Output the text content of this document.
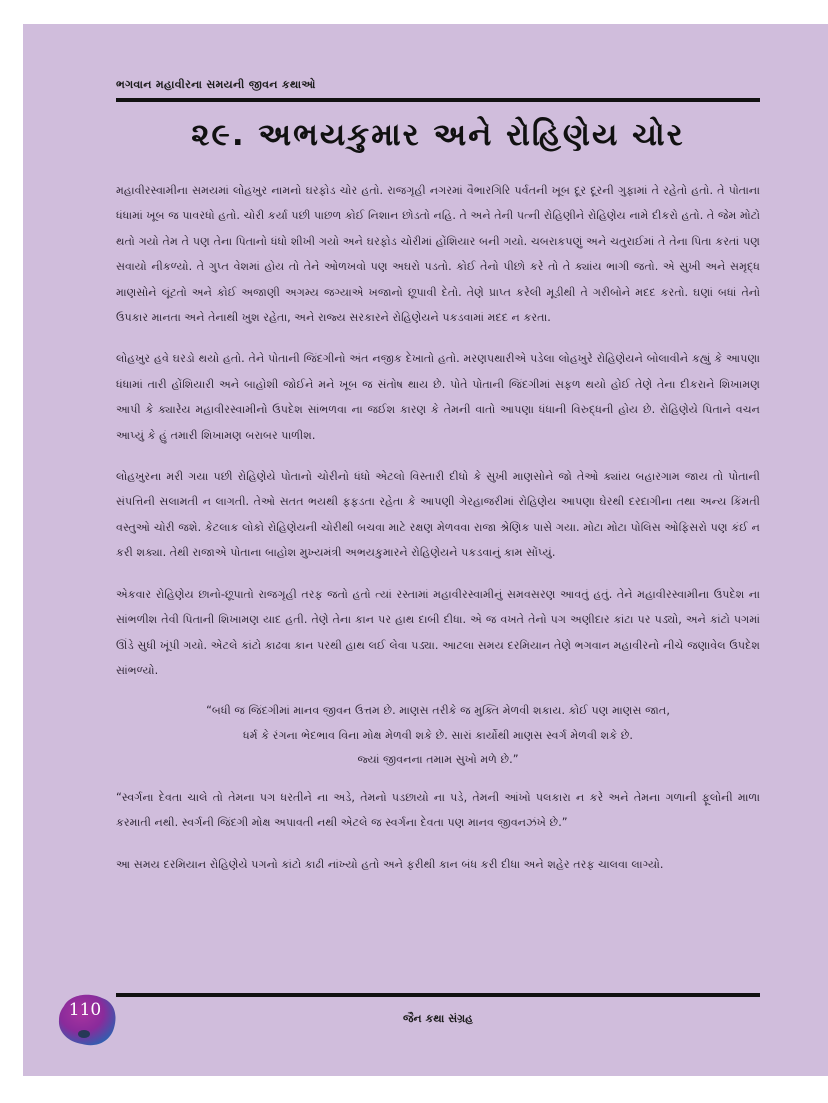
ભગવાન મહાવીરના સમયની જીવન કથાઓ
૨૯. અભયકુમાર અને રોહિણેય ચોર

મહાવીરસ્વામીના સમયમાં લોહખુર નામનો ઘરફોડ ચોર હતો. રાજગૃહી નગરમાં વૈભારગિરિ પર્વતની ખૂબ દૂર દૂરની ગુફામાં તે રહેતો હતો. તે પોતાના ધંધામાં ખૂબ જ પાવરધો હતો. ચોરી કર્યા પછી પાછળ કોઈ નિશાન છોડતો નહિ. તે અને તેની પત્ની રોહિણીને રોહિણેય નામે દીકરો હતો. તે જેમ મોટો થતો ગયો તેમ તે પણ તેના પિતાનો ધંધો શીખી ગયો અને ઘરફોડ ચોરીમાં હોંશિયાર બની ગયો. ચબરાકપણું અને ચતુરાઈમાં તે તેના પિતા કરતાં પણ સવાયો નીકળ્યો. તે ગુપ્ત વેશમાં હોય તો તેને ઓળખવો પણ અઘરો પડતો. કોઈ તેનો પીછો કરે તો તે ક્યાંય ભાગી જતો. એ સુખી અને સમૃદ્ધ માણસોને લૂંટતો અને કોઈ અજાણી અગમ્ય જગ્યાએ ખજાનો છૂપાવી દેતો. તેણે પ્રાપ્ત કરેલી મૂડીથી તે ગરીબોને મદદ કરતો. ઘણાં બધાં તેનો ઉપકાર માનતા અને તેનાથી ખુશ રહેતા, અને રાજ્ય સરકારને રોહિણેયને પકડવામાં મદદ ન કરતા.

લોહખુર હવે ઘરડો થયો હતો. તેને પોતાની જિંદગીનો અંત નજીક દેખાતો હતો. મરણપથારીએ પડેલા લોહખુરે રોહિણેયને બોલાવીને કહ્યું કે આપણા ધંધામાં તારી હોંશિયારી અને બાહોશી જોઈને મને ખૂબ જ સંતોષ થાય છે. પોતે પોતાની જિંદગીમાં સફળ થયો હોઈ તેણે તેના દીકરાને શિખામણ આપી કે ક્યારેય મહાવીરસ્વામીનો ઉપદેશ સાંભળવા ના જઈશ કારણ કે તેમની વાતો આપણા ધંધાની વિરુદ્ધની હોય છે. રોહિણેયે પિતાને વચન આપ્યું કે હું તમારી શિખામણ બરાબર પાળીશ.

લોહખુરના મરી ગયા પછી રોહિણેયે પોતાનો ચોરીનો ધંધો એટલો વિસ્તારી દીધો કે સુખી માણસોને જો તેઓ ક્યાંય બહારગામ જાય તો પોતાની સંપત્તિની સલામતી ન લાગતી. તેઓ સતત ભયથી ફફડતા રહેતા કે આપણી ગેરહાજરીમાં રોહિણેય આપણા ઘેરથી દરદાગીના તથા અન્ય કિંમતી વસ્તુઓ ચોરી જશે. કેટલાક લોકો રોહિણેયની ચોરીથી બચવા માટે રક્ષણ મેળવવા રાજા શ્રેણિક પાસે ગયા. મોટા મોટા પોલિસ ઓફિસરો પણ કંઈ ન કરી શક્યા. તેથી રાજાએ પોતાના બાહોશ મુખ્યમંત્રી અભયકુમારને રોહિણેયને પકડવાનું કામ સોંપ્યું.

એકવાર રોહિણેય છાનો-છૂપાતો રાજગૃહી તરફ જતો હતો ત્યાં રસ્તામાં મહાવીરસ્વામીનું સમવસરણ આવતું હતું. તેને મહાવીરસ્વામીના ઉપદેશ ના સાંભળીશ તેવી પિતાની શિખામણ યાદ હતી. તેણે તેના કાન પર હાથ દાબી દીધા. એ જ વખતે તેનો પગ અણીદાર કાંટા પર પડ્યો, અને કાંટો પગમાં ઊંડે સુધી ખૂંપી ગયો. એટલે કાંટો કાઢવા કાન પરથી હાથ લઈ લેવા પડ્યા. આટલા સમય દરમિયાન તેણે ભગવાન મહાવીરનો નીચે જણાવેલ ઉપદેશ સાંભળ્યો.

“બધી જ જિંદગીમાં માનવ જીવન ઉત્તમ છે. માણસ તરીકે જ મુક્તિ મેળવી શકાય. કોઈ પણ માણસ જાત,
ધર્મ કે રંગના ભેદભાવ વિના મોક્ષ મેળવી શકે છે. સારાં કાર્યોથી માણસ સ્વર્ગ મેળવી શકે છે.
જ્યાં જીવનના તમામ સુખો મળે છે.”

“સ્વર્ગના દેવતા ચાલે તો તેમના પગ ધરતીને ના અડે, તેમનો પડછાયો ના પડે, તેમની આંખો પલકારા ન કરે અને તેમના ગળાની ફૂલોની માળા કરમાતી નથી. સ્વર્ગની જિંદગી મોક્ષ અપાવતી નથી એટલે જ સ્વર્ગના દેવતા પણ માનવ જીવનઝંખે છે.”

આ સમય દરમિયાન રોહિણેયે પગનો કાંટો કાઢી નાંખ્યો હતો અને ફરીથી કાન બંધ કરી દીધા અને શહેર તરફ ચાલવા લાગ્યો.

110	જૈન કથા સંગ્રહ
